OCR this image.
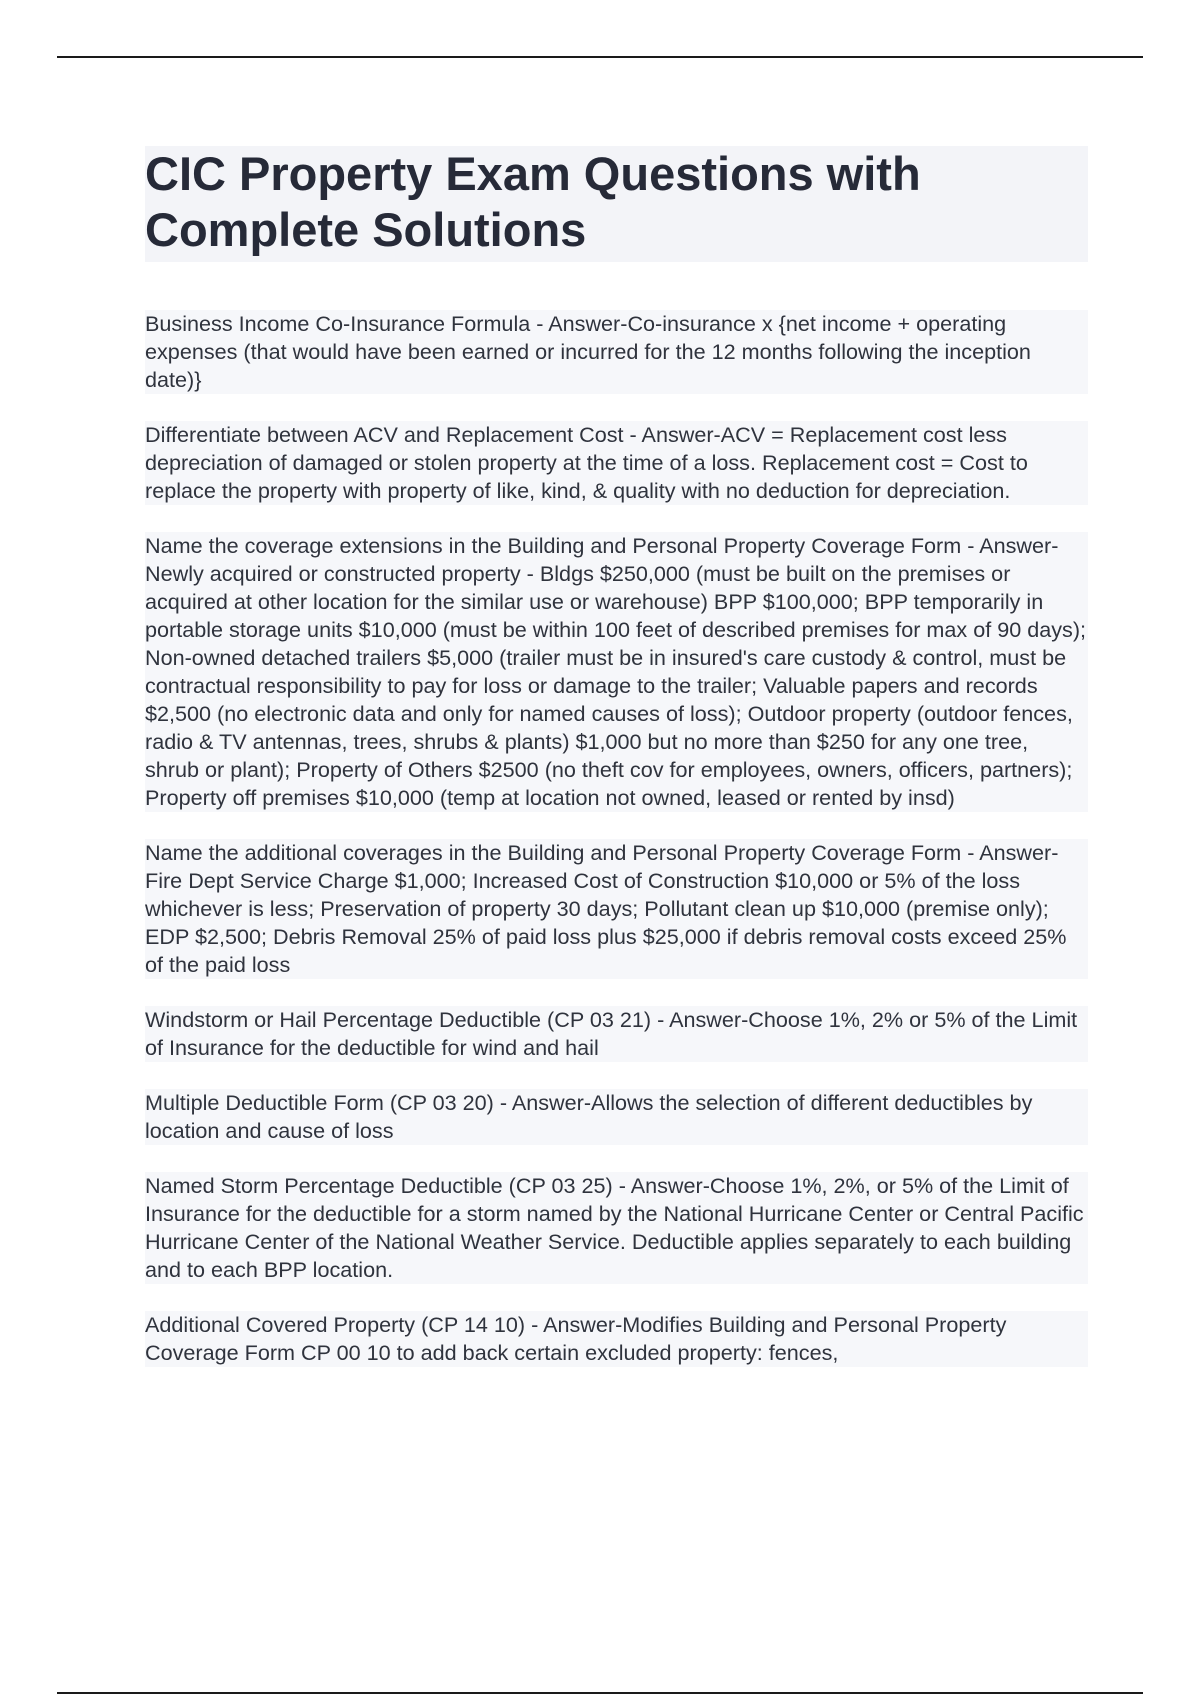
CIC Property Exam Questions with Complete Solutions

Business Income Co-Insurance Formula - Answer-Co-insurance x {net income + operating expenses (that would have been earned or incurred for the 12 months following the inception date)}

Differentiate between ACV and Replacement Cost - Answer-ACV = Replacement cost less depreciation of damaged or stolen property at the time of a loss. Replacement cost = Cost to replace the property with property of like, kind, & quality with no deduction for depreciation.

Name the coverage extensions in the Building and Personal Property Coverage Form - Answer-Newly acquired or constructed property - Bldgs $250,000 (must be built on the premises or acquired at other location for the similar use or warehouse) BPP $100,000; BPP temporarily in portable storage units $10,000 (must be within 100 feet of described premises for max of 90 days); Non-owned detached trailers $5,000 (trailer must be in insured's care custody & control, must be contractual responsibility to pay for loss or damage to the trailer; Valuable papers and records $2,500 (no electronic data and only for named causes of loss); Outdoor property (outdoor fences, radio & TV antennas, trees, shrubs & plants) $1,000 but no more than $250 for any one tree, shrub or plant); Property of Others $2500 (no theft cov for employees, owners, officers, partners); Property off premises $10,000 (temp at location not owned, leased or rented by insd)

Name the additional coverages in the Building and Personal Property Coverage Form - Answer-Fire Dept Service Charge $1,000; Increased Cost of Construction $10,000 or 5% of the loss whichever is less; Preservation of property 30 days; Pollutant clean up $10,000 (premise only); EDP $2,500; Debris Removal 25% of paid loss plus $25,000 if debris removal costs exceed 25% of the paid loss

Windstorm or Hail Percentage Deductible (CP 03 21) - Answer-Choose 1%, 2% or 5% of the Limit of Insurance for the deductible for wind and hail

Multiple Deductible Form (CP 03 20) - Answer-Allows the selection of different deductibles by location and cause of loss

Named Storm Percentage Deductible (CP 03 25) - Answer-Choose 1%, 2%, or 5% of the Limit of Insurance for the deductible for a storm named by the National Hurricane Center or Central Pacific Hurricane Center of the National Weather Service. Deductible applies separately to each building and to each BPP location.

Additional Covered Property (CP 14 10) - Answer-Modifies Building and Personal Property Coverage Form CP 00 10 to add back certain excluded property: fences,
